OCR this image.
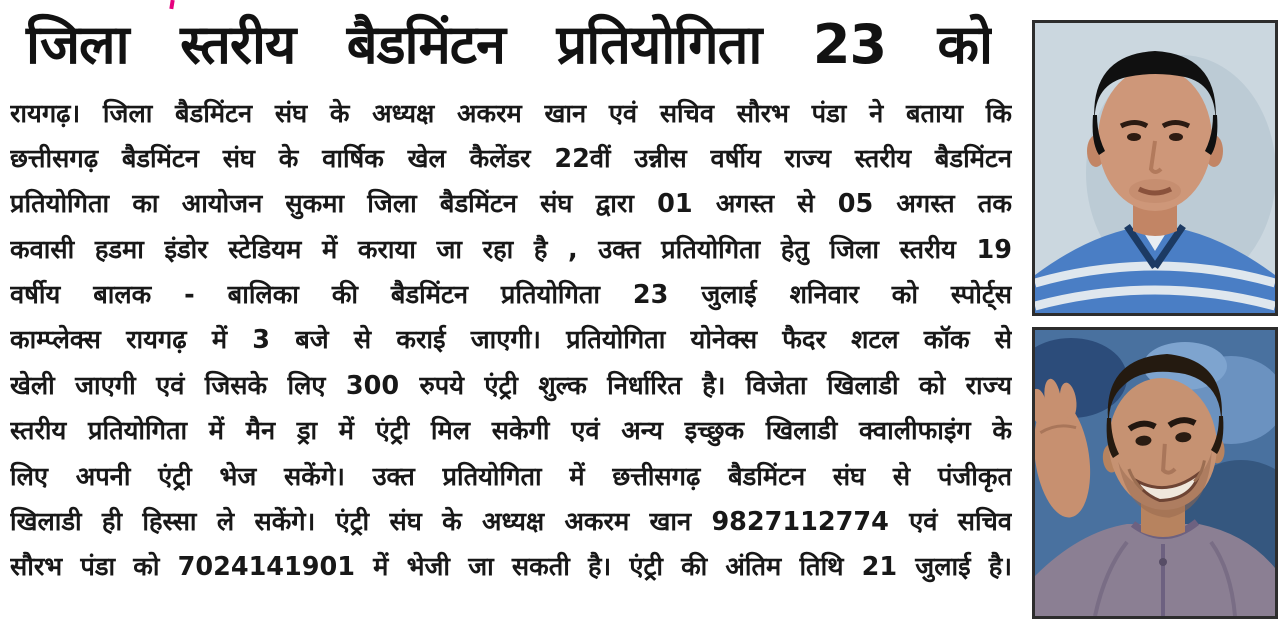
जिला स्तरीय बैडमिंटन प्रतियोगिता 23 को
रायगढ़। जिला बैडमिंटन संघ के अध्यक्ष अकरम खान एवं सचिव सौरभ पंडा ने बताया कि
छत्तीसगढ़ बैडमिंटन संघ के वार्षिक खेल कैलेंडर 22वीं उन्नीस वर्षीय राज्य स्तरीय बैडमिंटन
प्रतियोगिता का आयोजन सुकमा जिला बैडमिंटन संघ द्वारा 01 अगस्त से 05 अगस्त तक
कवासी हडमा इंडोर स्टेडियम में कराया जा रहा है , उक्त प्रतियोगिता हेतु जिला स्तरीय 19
वर्षीय बालक - बालिका की बैडमिंटन प्रतियोगिता 23 जुलाई शनिवार को स्पोर्ट्स
काम्प्लेक्स रायगढ़ में 3 बजे से कराई जाएगी। प्रतियोगिता योनेक्स फैदर शटल कॉक से
खेली जाएगी एवं जिसके लिए 300 रुपये एंट्री शुल्क निर्धारित है। विजेता खिलाडी को राज्य
स्तरीय प्रतियोगिता में मैन ड्रा में एंट्री मिल सकेगी एवं अन्य इच्छुक खिलाडी क्वालीफाइंग के
लिए अपनी एंट्री भेज सकेंगे। उक्त प्रतियोगिता में छत्तीसगढ़ बैडमिंटन संघ से पंजीकृत
खिलाडी ही हिस्सा ले सकेंगे। एंट्री संघ के अध्यक्ष अकरम खान 9827112774 एवं सचिव
सौरभ पंडा को 7024141901 में भेजी जा सकती है। एंट्री की अंतिम तिथि 21 जुलाई है।
